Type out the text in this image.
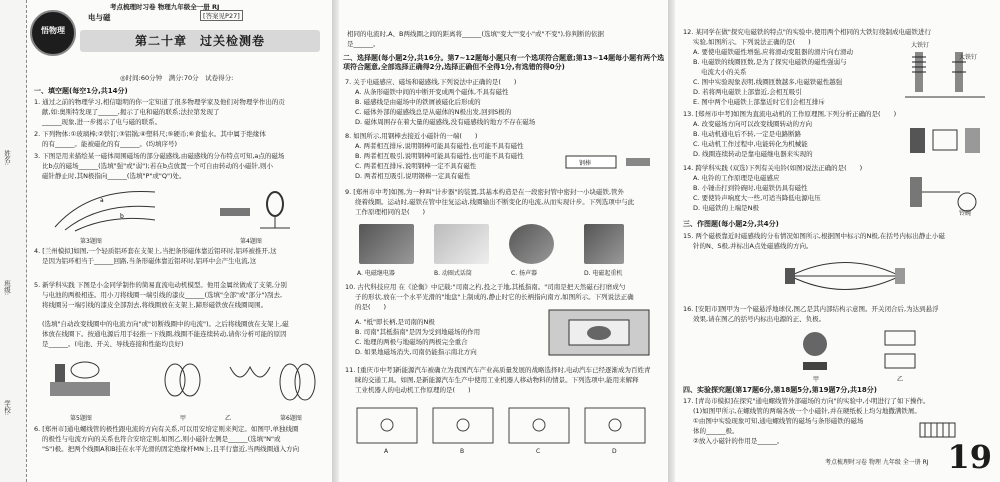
姓名:
班级:
学校:
考点梳理时习卷 物理九年级全一册 RJ
[答案见P27]
悟物理
电与磁
第二十章　过关检测卷
◎时间:60分钟　满分:70分　试卷得分:
一、填空题(每空1分,共14分)
1. 通过之前的物理学习,相信聪明的你一定知道了很多物理学家及他们对物理学作出的贡
献,如:奥斯特发现了______,揭示了电和磁的联系;法拉第发现了
______现象,进一步揭示了电与磁的联系。
2. 下列物体:①玻璃棒;②铁钉;③铝锅;④塑料尺;⑤硬币;⑥食盐水。其中属于绝缘体
的有______。能被磁化的有______。(均填序号)
3. 下图是用来描绘某一磁体周围磁场的部分磁感线,由磁感线的分布特点可知,a点的磁场
比b点的磁场______(选填"强"或"弱");若在b点放置一个可自由转动的小磁针,则小
磁针静止时,其N极指向______(选填"P"或"Q")处。
a
b
第3题图	第4题图
4. [兰州模拟]如图,一个轻质铝环套在支架上,当把条形磁体靠近铝环时,铝环被推开,这
是因为铝环相当于______回路,当条形磁体靠近铝环时,铝环中会产生电流,这
5. 新学科实践 下图是小金同学制作的简易直流电动机模型。他用金属丝做成了支架,分别
与电池的两极相连。用小刀将线圈一端引线的漆皮______(选填"全部"或"部分")刮去,
将线圈另一端引线的漆皮全部刮去,将线圈放在支架上,蹄形磁铁放在线圈周围。
(选填"自动改变线圈中的电流方向"或"切断线圈中的电流")。之后将线圈放在支架上,磁
体放在线圈下。按通电源后用手轻推一下线圈,线圈不能连续转动,请你分析可能的原因
是______。(电池、开关、导线连接和性能均良好)
第5题图	甲	乙	第6题图
6. [郑州市]通电螺线管的极性跟电流的方向有关系,可以用安培定则来判定。如图甲,单独线圈
的极性与电流方向的关系也符合安培定则,如图乙,则小磁针左侧是______(选填"N"或
"S")极。把两个线圈A和B挂在水平光滑的固定绝缘杆MN上,且平行靠近,当两线圈通入方向
相同的电流时,A、B两线圈之间的距离将______(选填"变大""变小"或"不变"),你判断的依据
是______。
二、选择题(每小题2分,共16分。第7~12题每小题只有一个选项符合题意;第13~14题每小题有两个选项符合题意,全部选择正确得2分,选择正确但不全得1分,有选错的得0分)
7. 关于电磁感应、磁场和磁感线,下列说法中正确的是(　　)
A. 从条形磁铁中间的中断开变成两个磁体,不具有磁性
B. 磁感线是由磁场中的铁屑被磁化后形成的
C. 磁体外部的磁感线总是从磁体的N极出发,回到S极的
D. 磁体周围存在着大量的磁感线,没有磁感线的地方不存在磁场
8. 如图所示,用钢棒去接近小磁针的一端(　　)
A. 两者相互排斥,说明钢棒可能具有磁性,也可能不具有磁性
B. 两者相互吸引,说明钢棒可能具有磁性,也可能不具有磁性
C. 两者相互排斥,说明钢棒一定不具有磁性
D. 两者相互吸引,说明钢棒一定具有磁性
钢棒
9. [郑州市中考]如图,为一种叫"计步器"的装置,其基本构造是在一段密封管中密封一小块磁铁,管外
绕着线圈。运动时,磁铁在管中往复运动,线圈输出不断变化的电流,从而实现计步。下列选项中与此
工作原理相同的是(　　)
A. 电磁继电器	B. 动圈式话筒	C. 扬声器	D. 电磁起重机
10. 古代科技应用 在《论衡》中记载:"司南之杓,投之于地,其柢指南。"司南是把天然磁石打磨成勺
子的形状,放在一个水平光滑的"地盘"上制成的,静止时它的长柄指向南方,如图所示。下列说法正确
的是(　　)
A. "柢"即长柄,是司南的N极
B. 司南"其柢指南"是因为受到地磁场的作用
C. 地理的两极与地磁场的两极完全重合
D. 如果地磁场消失,司南仍能指示南北方向
11. [重庆市中考]新能源汽车被确立为我国汽车产业高质量发展的战略选择时,电动汽车已经逐渐成为百姓青
睐的交通工具。如图,是新能源汽车生产中使用工业机器人移动物料的情景。下列选项中,能用来解释
工业机器人的电动机工作原理的是(　　)
A	B	C	D
12. 某同学在做"探究电磁铁的特点"的实验中,使用两个相同的大铁钉绕制成电磁铁进行
实验,如图所示。下列说法正确的是(　　)
A. 要使电磁铁磁性增强,应将滑动变阻器的滑片向右滑动
B. 电磁铁的线圈匝数,是为了探究电磁铁的磁性强弱与
电流大小的关系
C. 图中实验现象表明,线圈匝数越多,电磁铁磁性越强
D. 若将两电磁铁上部靠近,会相互吸引
E. 图中两个电磁铁上部靠近时它们会相互排斥
大铁钉
大铁钉
13. [郑州市中考]如图为直流电动机的工作原理图,下列分析正确的是(　　)
A. 改变磁场方向可以改变线圈转动的方向
B. 电动机通电后不转,一定是电路断路
C. 电动机工作过程中,电能转化为机械能
D. 线圈连续转动是靠电磁继电器来实现的
14. 跨学科实践 (双选)下列有关电铃(如图)说法正确的是(　　)
A. 电铃的工作原理是电磁感应
B. 小锤击打到铃碗时,电磁铁仍具有磁性
C. 要使铃声响度大一些,可适当降低电源电压
D. 电磁铁的上端是N极
铃碗
三、作图题(每小题2分,共4分)
15. 两个磁极靠近时磁感线的分布情况如图所示,根据图中标示的N极,在括号内标出静止小磁
针的N、S极,并标出A点处磁感线的方向。
16. [安阳市]图甲为一个磁悬浮地球仪,图乙是其内部结构示意图。开关闭合后,为达到悬浮
效果,请在图乙的括号内标出电源的正、负极。
甲	乙
四、实验探究题(第17题6分,第18题5分,第19题7分,共18分)
17. [青岛市模拟]在探究"通电螺线管外部磁场的方向"的实验中,小明进行了如下操作。
(1)如图甲所示,在螺线管的两端各放一个小磁针,并在硬纸板上均匀地撒满铁屑。
①由图中实验现象可知,通电螺线管的磁场与条形磁铁的磁场
体的______极。
②放入小磁针的作用是______。
考点梳理时习卷 物理 九年级 全一册 RJ 19
